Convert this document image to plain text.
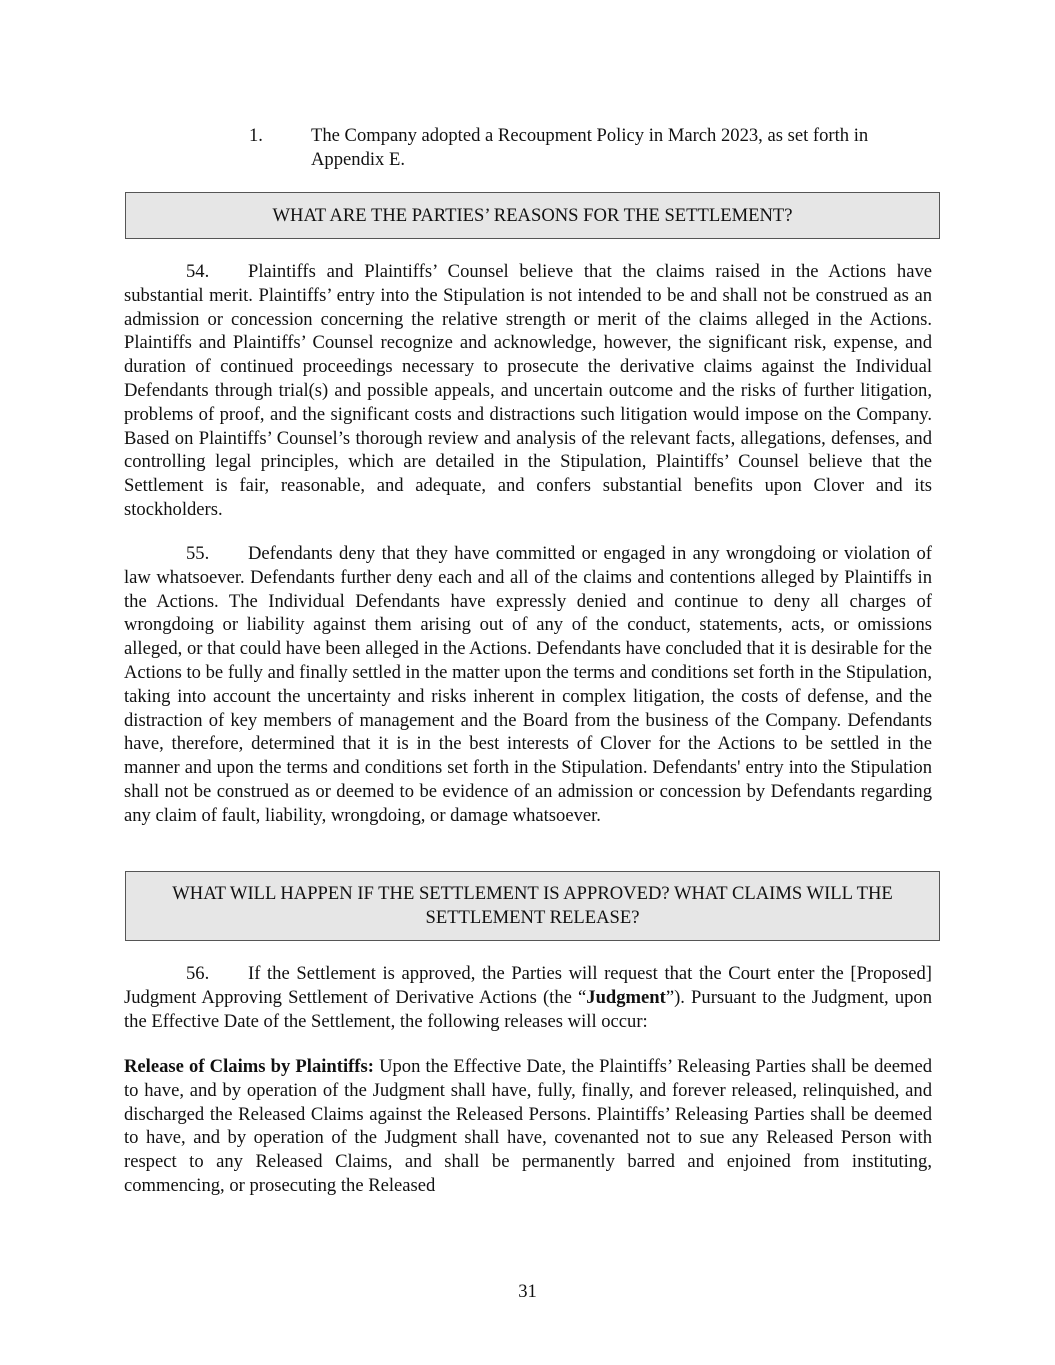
1.	The Company adopted a Recoupment Policy in March 2023, as set forth in Appendix E.
WHAT ARE THE PARTIES’ REASONS FOR THE SETTLEMENT?

54. Plaintiffs and Plaintiffs’ Counsel believe that the claims raised in the Actions have substantial merit. Plaintiffs’ entry into the Stipulation is not intended to be and shall not be construed as an admission or concession concerning the relative strength or merit of the claims alleged in the Actions. Plaintiffs and Plaintiffs’ Counsel recognize and acknowledge, however, the significant risk, expense, and duration of continued proceedings necessary to prosecute the derivative claims against the Individual Defendants through trial(s) and possible appeals, and uncertain outcome and the risks of further litigation, problems of proof, and the significant costs and distractions such litigation would impose on the Company. Based on Plaintiffs’ Counsel’s thorough review and analysis of the relevant facts, allegations, defenses, and controlling legal principles, which are detailed in the Stipulation, Plaintiffs’ Counsel believe that the Settlement is fair, reasonable, and adequate, and confers substantial benefits upon Clover and its stockholders.

55. Defendants deny that they have committed or engaged in any wrongdoing or violation of law whatsoever. Defendants further deny each and all of the claims and contentions alleged by Plaintiffs in the Actions. The Individual Defendants have expressly denied and continue to deny all charges of wrongdoing or liability against them arising out of any of the conduct, statements, acts, or omissions alleged, or that could have been alleged in the Actions. Defendants have concluded that it is desirable for the Actions to be fully and finally settled in the matter upon the terms and conditions set forth in the Stipulation, taking into account the uncertainty and risks inherent in complex litigation, the costs of defense, and the distraction of key members of management and the Board from the business of the Company. Defendants have, therefore, determined that it is in the best interests of Clover for the Actions to be settled in the manner and upon the terms and conditions set forth in the Stipulation. Defendants' entry into the Stipulation shall not be construed as or deemed to be evidence of an admission or concession by Defendants regarding any claim of fault, liability, wrongdoing, or damage whatsoever.

WHAT WILL HAPPEN IF THE SETTLEMENT IS APPROVED? WHAT CLAIMS WILL THE SETTLEMENT RELEASE?

56. If the Settlement is approved, the Parties will request that the Court enter the [Proposed] Judgment Approving Settlement of Derivative Actions (the “Judgment”). Pursuant to the Judgment, upon the Effective Date of the Settlement, the following releases will occur:

Release of Claims by Plaintiffs: Upon the Effective Date, the Plaintiffs’ Releasing Parties shall be deemed to have, and by operation of the Judgment shall have, fully, finally, and forever released, relinquished, and discharged the Released Claims against the Released Persons. Plaintiffs’ Releasing Parties shall be deemed to have, and by operation of the Judgment shall have, covenanted not to sue any Released Person with respect to any Released Claims, and shall be permanently barred and enjoined from instituting, commencing, or prosecuting the Released

31
